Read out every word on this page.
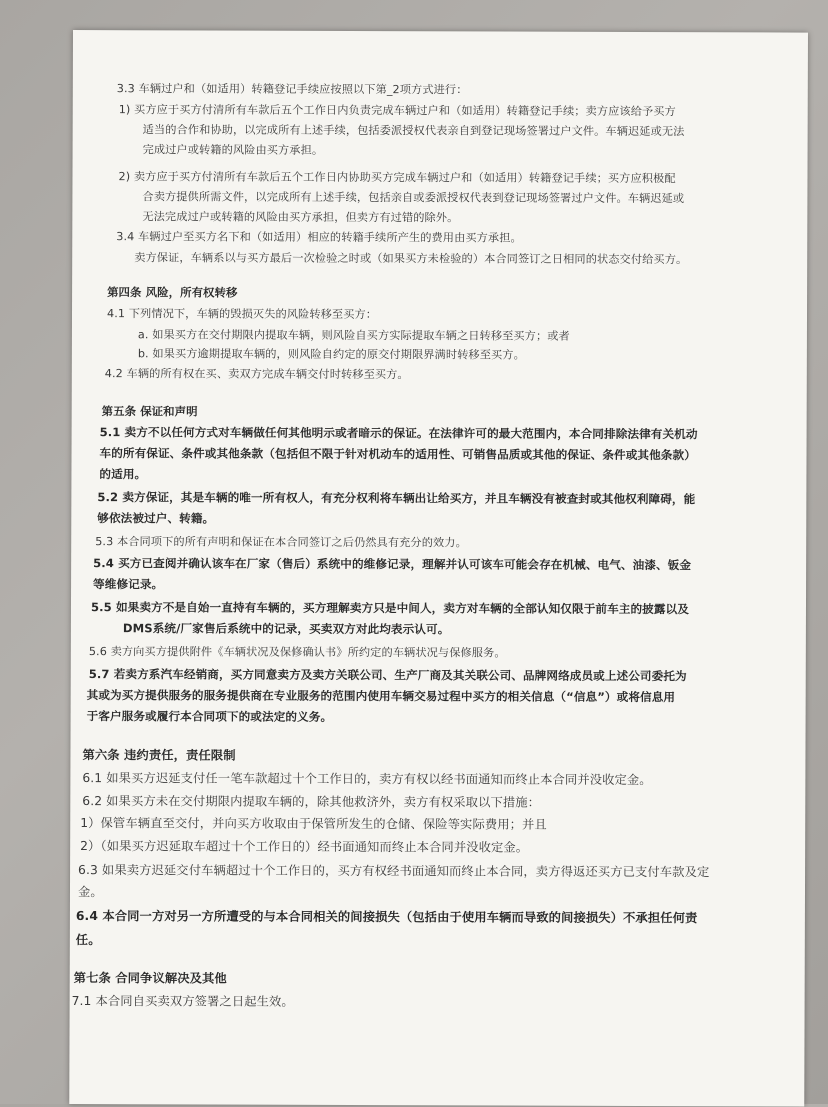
3.3 车辆过户和（如适用）转籍登记手续应按照以下第_2项方式进行：
1) 买方应于买方付清所有车款后五个工作日内负责完成车辆过户和（如适用）转籍登记手续；卖方应该给予买方
适当的合作和协助，以完成所有上述手续，包括委派授权代表亲自到登记现场签署过户文件。车辆迟延或无法
完成过户或转籍的风险由买方承担。
2) 卖方应于买方付清所有车款后五个工作日内协助买方完成车辆过户和（如适用）转籍登记手续；买方应积极配
合卖方提供所需文件，以完成所有上述手续，包括亲自或委派授权代表到登记现场签署过户文件。车辆迟延或
无法完成过户或转籍的风险由买方承担，但卖方有过错的除外。
3.4 车辆过户至买方名下和（如适用）相应的转籍手续所产生的费用由买方承担。
卖方保证，车辆系以与买方最后一次检验之时或（如果买方未检验的）本合同签订之日相同的状态交付给买方。
第四条 风险，所有权转移
4.1 下列情况下，车辆的毁损灭失的风险转移至买方：
a. 如果买方在交付期限内提取车辆，则风险自买方实际提取车辆之日转移至买方；或者
b. 如果买方逾期提取车辆的，则风险自约定的原交付期限界满时转移至买方。
4.2 车辆的所有权在买、卖双方完成车辆交付时转移至买方。
第五条 保证和声明
5.1 卖方不以任何方式对车辆做任何其他明示或者暗示的保证。在法律许可的最大范围内，本合同排除法律有关机动
车的所有保证、条件或其他条款（包括但不限于针对机动车的适用性、可销售品质或其他的保证、条件或其他条款）
的适用。
5.2 卖方保证，其是车辆的唯一所有权人，有充分权利将车辆出让给买方，并且车辆没有被查封或其他权利障碍，能
够依法被过户、转籍。
5.3 本合同项下的所有声明和保证在本合同签订之后仍然具有充分的效力。
5.4 买方已查阅并确认该车在厂家（售后）系统中的维修记录，理解并认可该车可能会存在机械、电气、油漆、钣金
等维修记录。
5.5 如果卖方不是自始一直持有车辆的，买方理解卖方只是中间人，卖方对车辆的全部认知仅限于前车主的披露以及
DMS系统/厂家售后系统中的记录，买卖双方对此均表示认可。
5.6 卖方向买方提供附件《车辆状况及保修确认书》所约定的车辆状况与保修服务。
5.7 若卖方系汽车经销商，买方同意卖方及卖方关联公司、生产厂商及其关联公司、品牌网络成员或上述公司委托为
其或为买方提供服务的服务提供商在专业服务的范围内使用车辆交易过程中买方的相关信息（“信息”）或将信息用
于客户服务或履行本合同项下的或法定的义务。
第六条 违约责任，责任限制
6.1 如果买方迟延支付任一笔车款超过十个工作日的，卖方有权以经书面通知而终止本合同并没收定金。
6.2 如果买方未在交付期限内提取车辆的，除其他救济外，卖方有权采取以下措施：
1）保管车辆直至交付，并向买方收取由于保管所发生的仓储、保险等实际费用；并且
2）（如果买方迟延取车超过十个工作日的）经书面通知而终止本合同并没收定金。
6.3 如果卖方迟延交付车辆超过十个工作日的，买方有权经书面通知而终止本合同，卖方得返还买方已支付车款及定
金。
6.4 本合同一方对另一方所遭受的与本合同相关的间接损失（包括由于使用车辆而导致的间接损失）不承担任何责
任。
第七条 合同争议解决及其他
7.1 本合同自买卖双方签署之日起生效。
